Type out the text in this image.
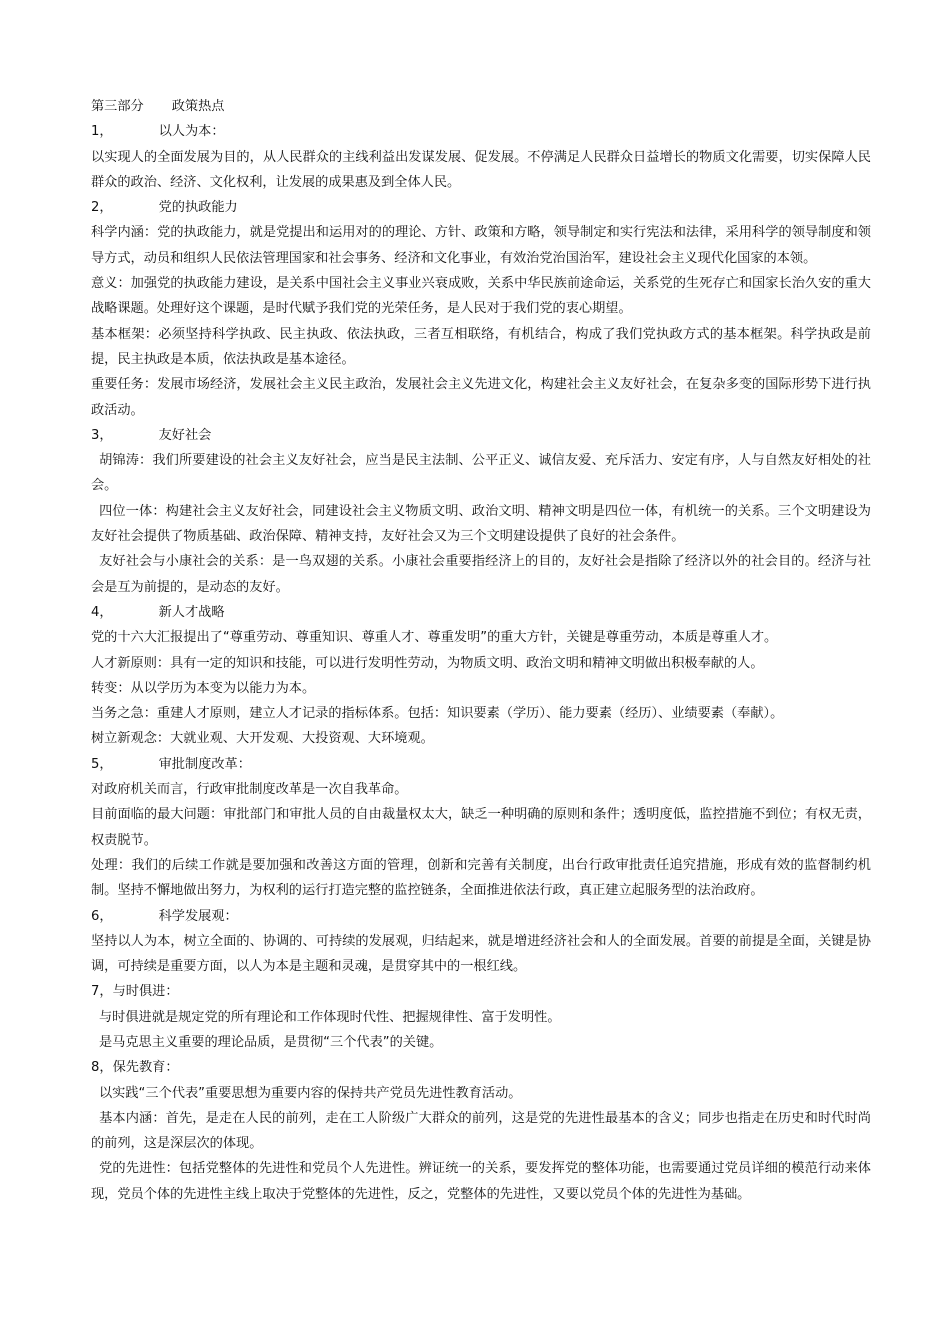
第三部分 政策热点

1，	以人为本：

以实现人的全面发展为目的，从人民群众的主线利益出发谋发展、促发展。不停满足人民群众日益增长的物质文化需要，切实保障人民群众的政治、经济、文化权利，让发展的成果惠及到全体人民。

2，	党的执政能力

科学内涵：党的执政能力，就是党提出和运用对的的理论、方针、政策和方略，领导制定和实行宪法和法律，采用科学的领导制度和领导方式，动员和组织人民依法管理国家和社会事务、经济和文化事业，有效治党治国治军，建设社会主义现代化国家的本领。

意义：加强党的执政能力建设，是关系中国社会主义事业兴衰成败，关系中华民族前途命运，关系党的生死存亡和国家长治久安的重大战略课题。处理好这个课题，是时代赋予我们党的光荣任务，是人民对于我们党的衷心期望。

基本框架：必须坚持科学执政、民主执政、依法执政，三者互相联络，有机结合，构成了我们党执政方式的基本框架。科学执政是前提，民主执政是本质，依法执政是基本途径。

重要任务：发展市场经济，发展社会主义民主政治，发展社会主义先进文化，构建社会主义友好社会，在复杂多变的国际形势下进行执政活动。

3，	友好社会

胡锦涛：我们所要建设的社会主义友好社会，应当是民主法制、公平正义、诚信友爱、充斥活力、安定有序，人与自然友好相处的社会。

四位一体：构建社会主义友好社会，同建设社会主义物质文明、政治文明、精神文明是四位一体，有机统一的关系。三个文明建设为友好社会提供了物质基础、政治保障、精神支持，友好社会又为三个文明建设提供了良好的社会条件。

友好社会与小康社会的关系：是一鸟双翅的关系。小康社会重要指经济上的目的，友好社会是指除了经济以外的社会目的。经济与社会是互为前提的，是动态的友好。

4，	新人才战略

党的十六大汇报提出了“尊重劳动、尊重知识、尊重人才、尊重发明”的重大方针，关键是尊重劳动，本质是尊重人才。

人才新原则：具有一定的知识和技能，可以进行发明性劳动，为物质文明、政治文明和精神文明做出积极奉献的人。

转变：从以学历为本变为以能力为本。

当务之急：重建人才原则，建立人才记录的指标体系。包括：知识要素（学历）、能力要素（经历）、业绩要素（奉献）。

树立新观念：大就业观、大开发观、大投资观、大环境观。

5，	审批制度改革：

对政府机关而言，行政审批制度改革是一次自我革命。

目前面临的最大问题：审批部门和审批人员的自由裁量权太大，缺乏一种明确的原则和条件；透明度低，监控措施不到位；有权无责，权责脱节。

处理：我们的后续工作就是要加强和改善这方面的管理，创新和完善有关制度，出台行政审批责任追究措施，形成有效的监督制约机制。坚持不懈地做出努力，为权利的运行打造完整的监控链条，全面推进依法行政，真正建立起服务型的法治政府。

6，	科学发展观：

坚持以人为本，树立全面的、协调的、可持续的发展观，归结起来，就是增进经济社会和人的全面发展。首要的前提是全面，关键是协调，可持续是重要方面，以人为本是主题和灵魂，是贯穿其中的一根红线。

7，与时俱进：

与时俱进就是规定党的所有理论和工作体现时代性、把握规律性、富于发明性。

是马克思主义重要的理论品质，是贯彻“三个代表”的关键。

8，保先教育：

以实践“三个代表”重要思想为重要内容的保持共产党员先进性教育活动。

基本内涵：首先，是走在人民的前列，走在工人阶级广大群众的前列，这是党的先进性最基本的含义；同步也指走在历史和时代时尚的前列，这是深层次的体现。

党的先进性：包括党整体的先进性和党员个人先进性。辨证统一的关系，要发挥党的整体功能，也需要通过党员详细的模范行动来体现，党员个体的先进性主线上取决于党整体的先进性，反之，党整体的先进性，又要以党员个体的先进性为基础。
